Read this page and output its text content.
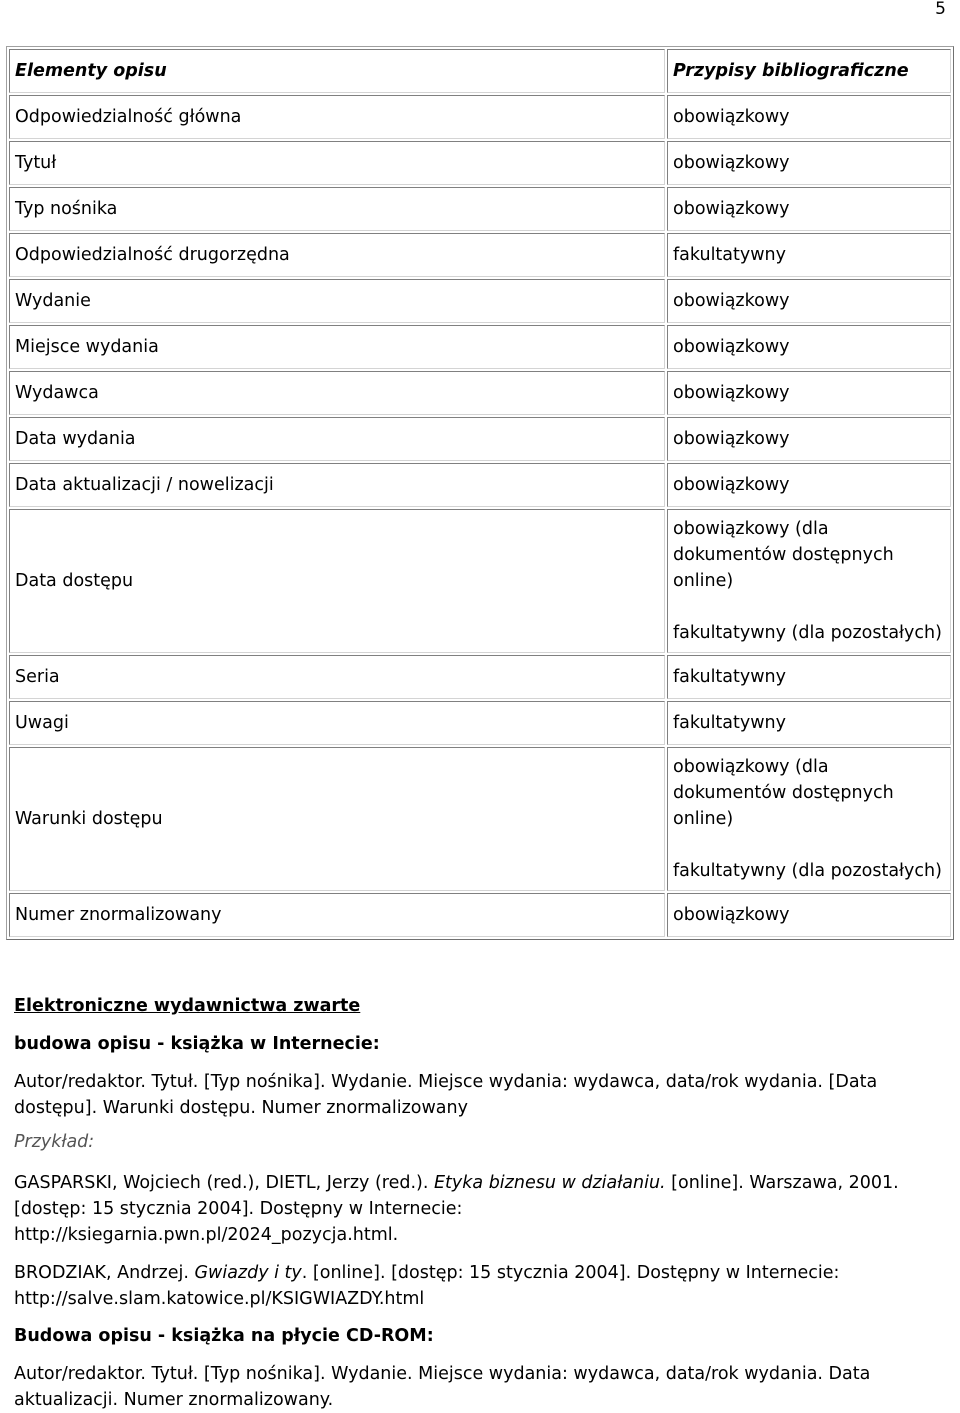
5
Elementy opisu	Przypisy bibliograficzne
Odpowiedzialność główna	obowiązkowy
Tytuł	obowiązkowy
Typ nośnika	obowiązkowy
Odpowiedzialność drugorzędna	fakultatywny
Wydanie	obowiązkowy
Miejsce wydania	obowiązkowy
Wydawca	obowiązkowy
Data wydania	obowiązkowy
Data aktualizacji / nowelizacji	obowiązkowy
Data dostępu	obowiązkowy (dla
dokumentów dostępnych
online)
fakultatywny (dla pozostałych)

Seria	fakultatywny
Uwagi	fakultatywny
Warunki dostępu	obowiązkowy (dla
dokumentów dostępnych
online)
fakultatywny (dla pozostałych)

Numer znormalizowany	obowiązkowy
Elektroniczne wydawnictwa zwarte
budowa opisu - książka w Internecie:
Autor/redaktor. Tytuł. [Typ nośnika]. Wydanie. Miejsce wydania: wydawca, data/rok wydania. [Data
dostępu]. Warunki dostępu. Numer znormalizowany
Przykład:
GASPARSKI, Wojciech (red.), DIETL, Jerzy (red.). Etyka biznesu w działaniu. [online]. Warszawa, 2001.
[dostęp: 15 stycznia 2004]. Dostępny w Internecie:
http://ksiegarnia.pwn.pl/2024_pozycja.html.
BRODZIAK, Andrzej. Gwiazdy i ty. [online]. [dostęp: 15 stycznia 2004]. Dostępny w Internecie:
http://salve.slam.katowice.pl/KSIGWIAZDY.html
Budowa opisu - książka na płycie CD-ROM:
Autor/redaktor. Tytuł. [Typ nośnika]. Wydanie. Miejsce wydania: wydawca, data/rok wydania. Data
aktualizacji. Numer znormalizowany.
